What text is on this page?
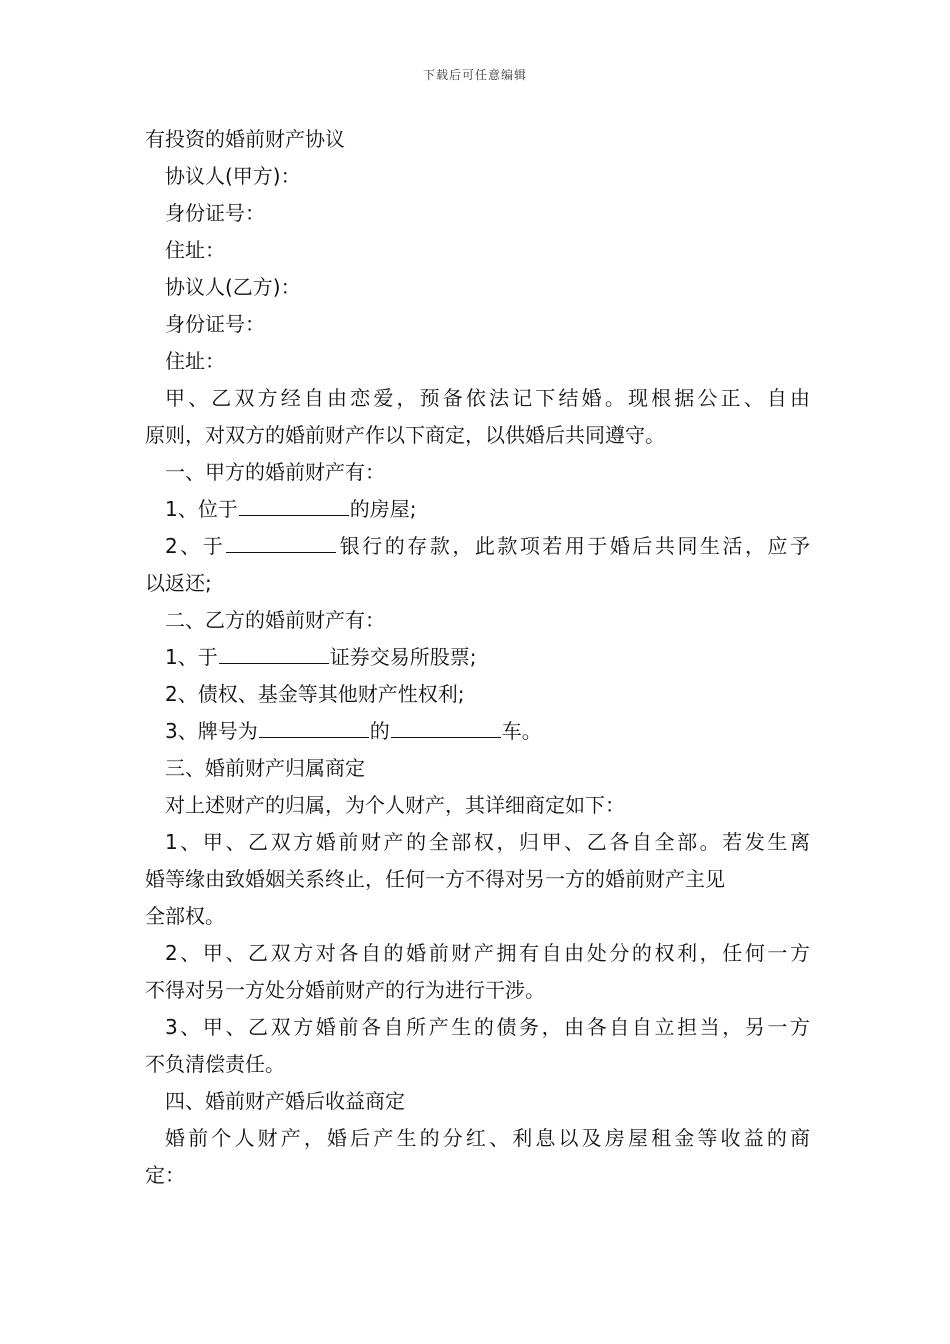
下载后可任意编辑

有投资的婚前财产协议

协议人(甲方)：

身份证号：

住址：

协议人(乙方)：

身份证号：

住址：

甲、乙双方经自由恋爱，预备依法记下结婚。现根据公正、自由
原则，对双方的婚前财产作以下商定，以供婚后共同遵守。

一、甲方的婚前财产有：

1、位于	的房屋;

2、于	银行的存款，此款项若用于婚后共同生活，应予
以返还;

二、乙方的婚前财产有：

1、于	证券交易所股票;

2、债权、基金等其他财产性权利;

3、牌号为	的	车。

三、婚前财产归属商定

对上述财产的归属，为个人财产，其详细商定如下：

1、甲、乙双方婚前财产的全部权，归甲、乙各自全部。若发生离
婚等缘由致婚姻关系终止，任何一方不得对另一方的婚前财产主见
全部权。
2、甲、乙双方对各自的婚前财产拥有自由处分的权利，任何一方
不得对另一方处分婚前财产的行为进行干涉。
3、甲、乙双方婚前各自所产生的债务，由各自自立担当，另一方
不负清偿责任。

四、婚前财产婚后收益商定

婚前个人财产，婚后产生的分红、利息以及房屋租金等收益的商
定：
